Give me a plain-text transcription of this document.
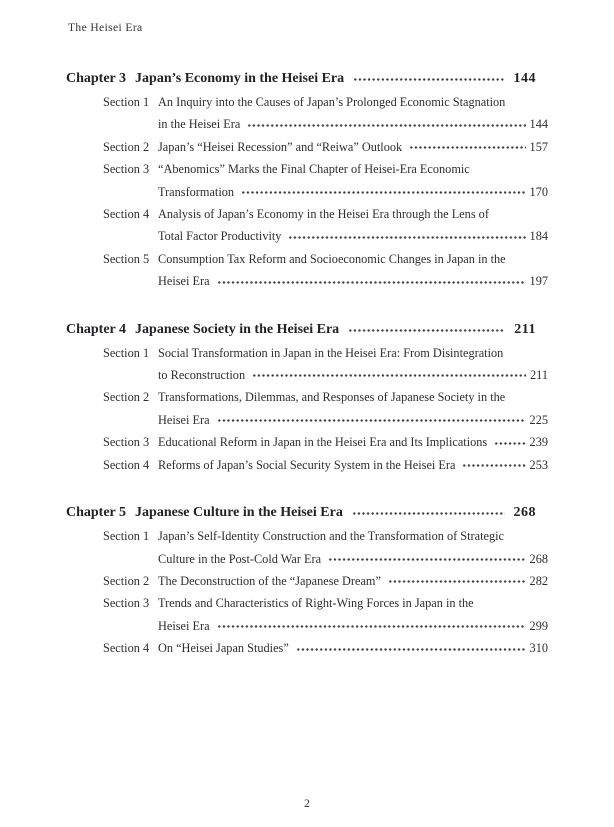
The Heisei Era
Chapter 3 Japan’s Economy in the Heisei Era	144
Section 1 An Inquiry into the Causes of Japan’s Prolonged Economic Stagnation
in the Heisei Era	144
Section 2 Japan’s “Heisei Recession” and “Reiwa” Outlook	157
Section 3 “Abenomics” Marks the Final Chapter of Heisei-Era Economic
Transformation	170
Section 4 Analysis of Japan’s Economy in the Heisei Era through the Lens of
Total Factor Productivity	184
Section 5 Consumption Tax Reform and Socioeconomic Changes in Japan in the
Heisei Era	197
Chapter 4 Japanese Society in the Heisei Era	211
Section 1 Social Transformation in Japan in the Heisei Era: From Disintegration
to Reconstruction	211
Section 2 Transformations, Dilemmas, and Responses of Japanese Society in the
Heisei Era	225
Section 3 Educational Reform in Japan in the Heisei Era and Its Implications	239
Section 4 Reforms of Japan’s Social Security System in the Heisei Era	253
Chapter 5 Japanese Culture in the Heisei Era	268
Section 1 Japan’s Self-Identity Construction and the Transformation of Strategic
Culture in the Post-Cold War Era	268
Section 2 The Deconstruction of the “Japanese Dream”	282
Section 3 Trends and Characteristics of Right-Wing Forces in Japan in the
Heisei Era	299
Section 4 On “Heisei Japan Studies”	310
2
